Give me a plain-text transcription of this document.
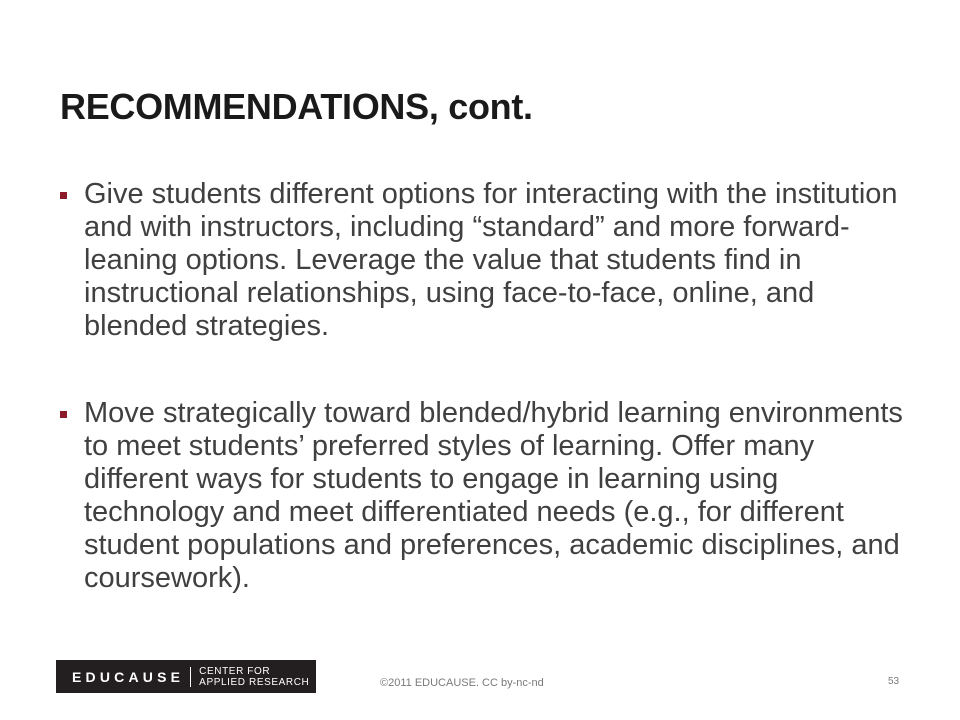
RECOMMENDATIONS, cont.
Give students different options for interacting with the institution and with instructors, including “standard” and more forward-leaning options. Leverage the value that students find in instructional relationships, using face-to-face, online, and blended strategies.
Move strategically toward blended/hybrid learning environments to meet students’ preferred styles of learning. Offer many different ways for students to engage in learning using technology and meet differentiated needs (e.g., for different student populations and preferences, academic disciplines, and coursework).
EDUCAUSE CENTER FOR
APPLIED RESEARCH	©2011 EDUCAUSE. CC by-nc-nd	53
